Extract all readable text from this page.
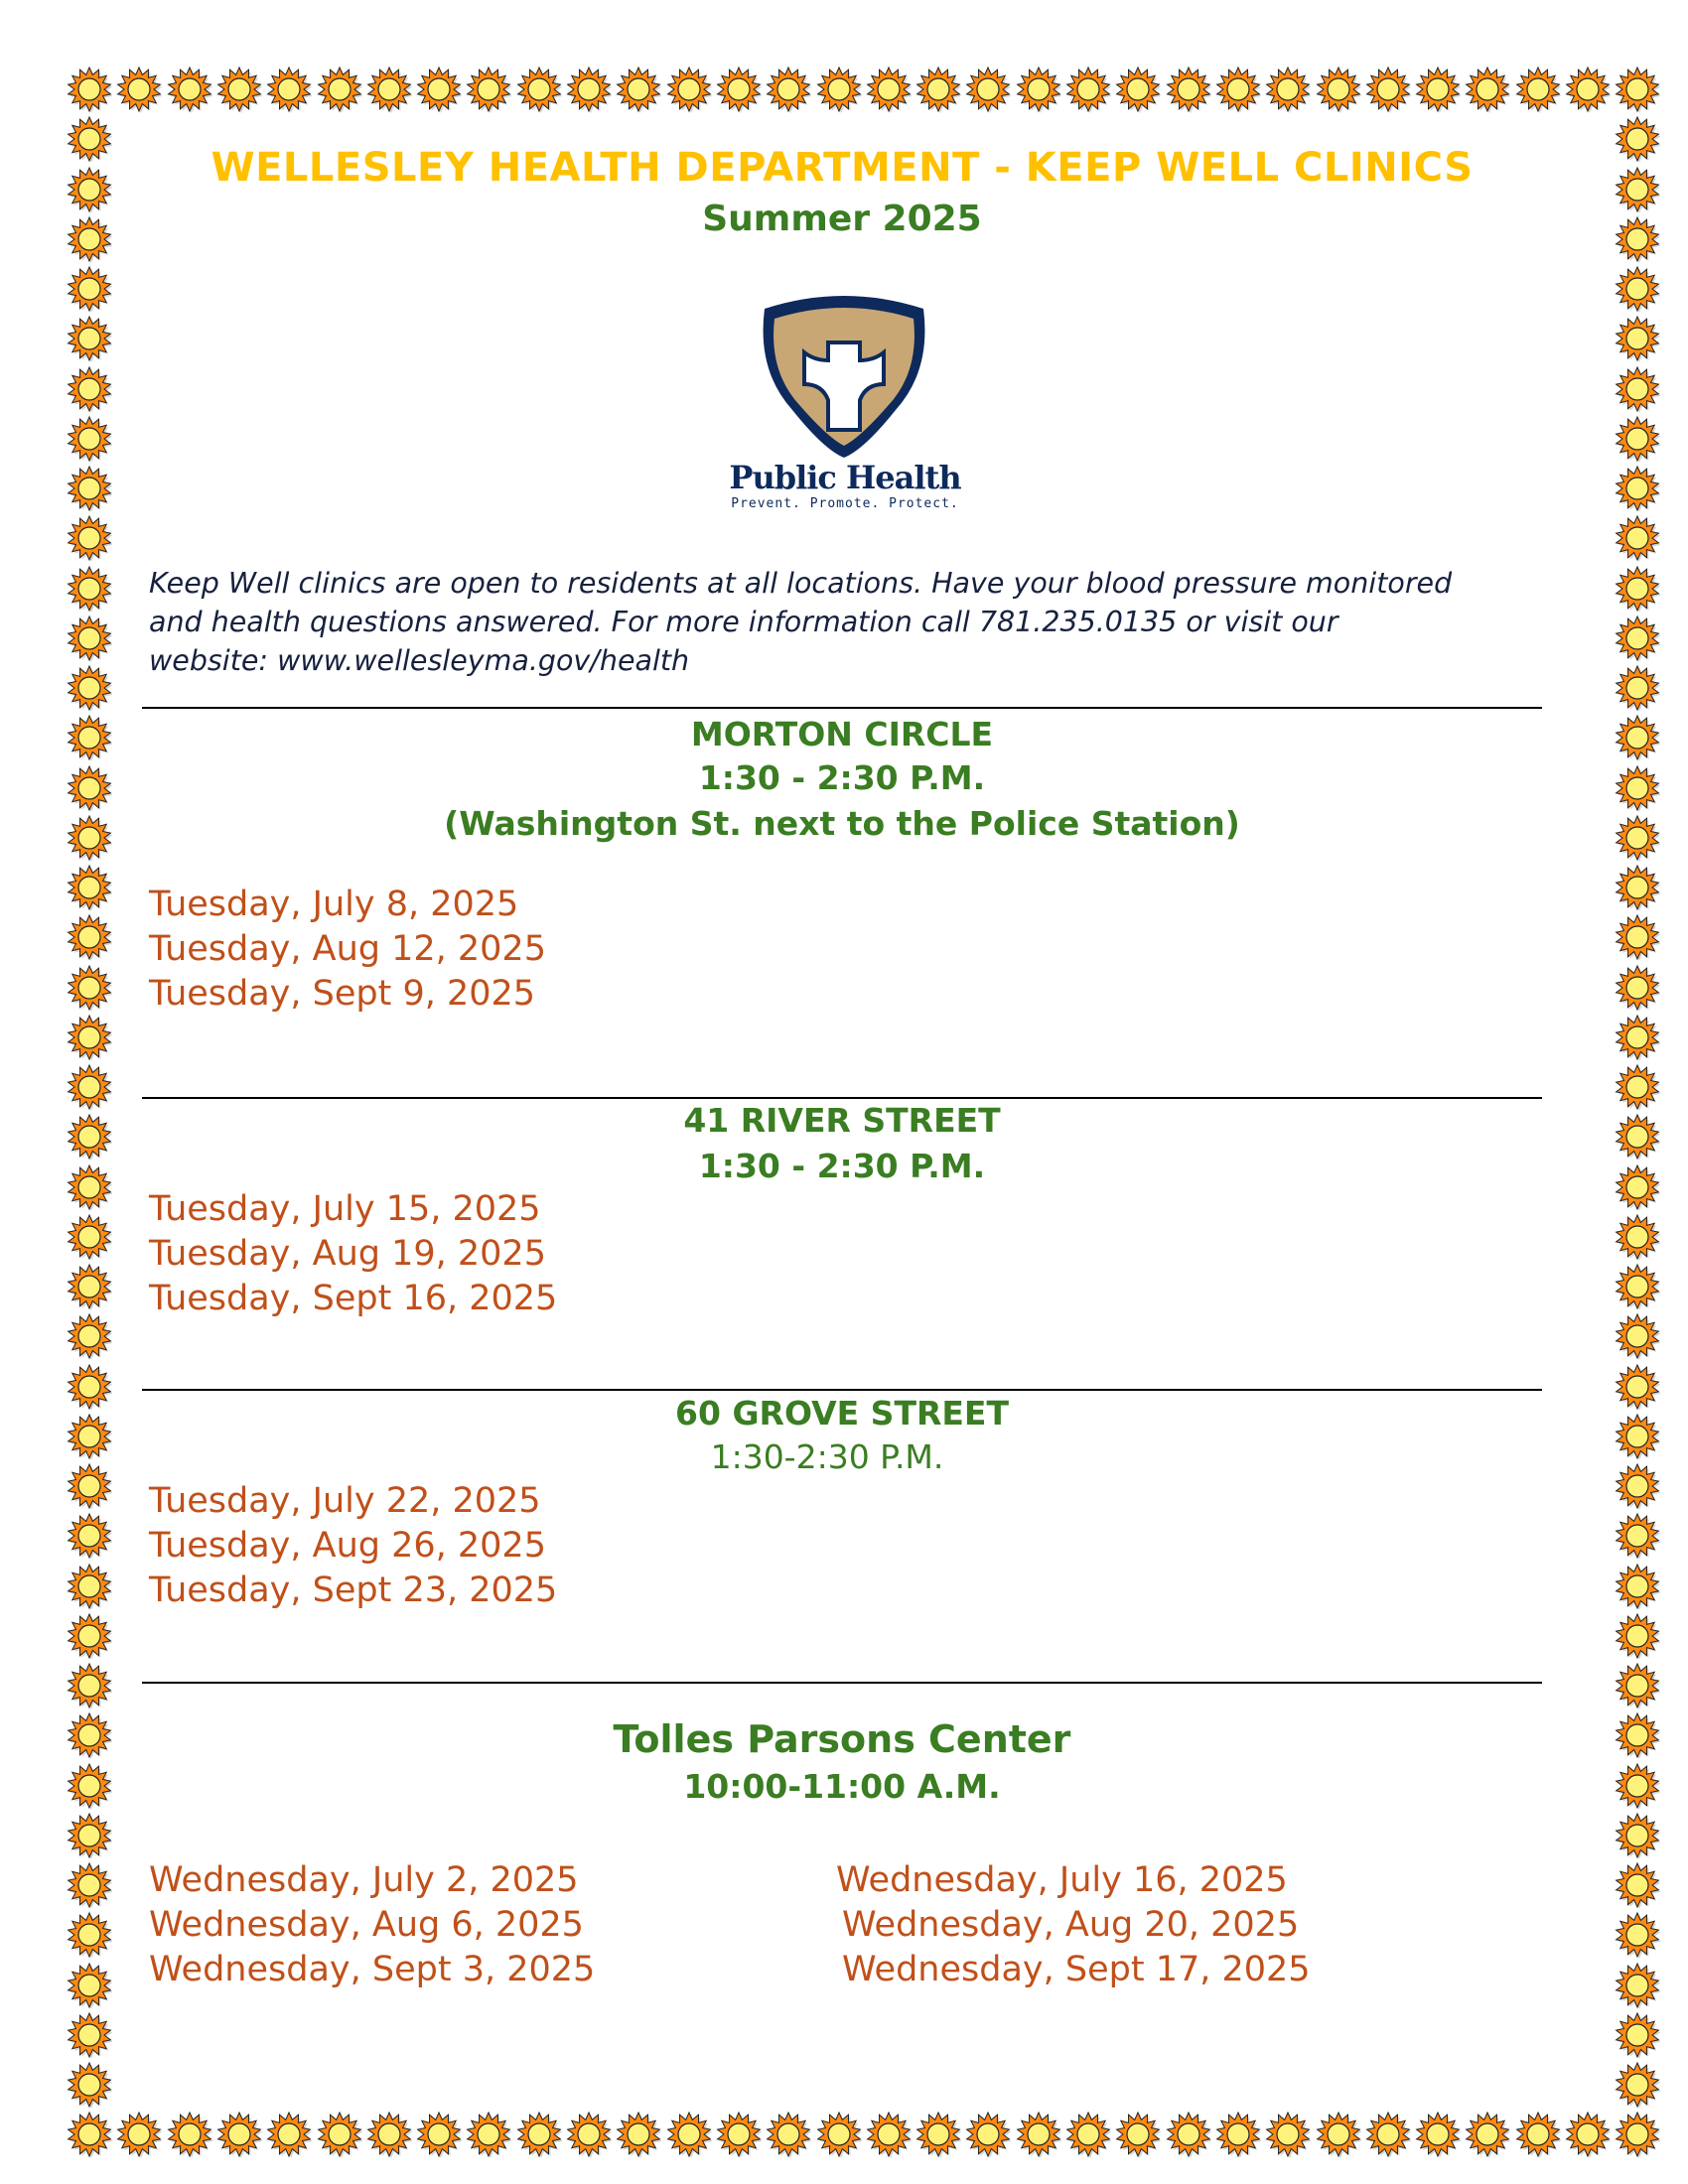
WELLESLEY HEALTH DEPARTMENT - KEEP WELL CLINICS
Summer 2025
Public Health
Prevent. Promote. Protect.
Keep Well clinics are open to residents at all locations. Have your blood pressure monitored
and health questions answered. For more information call 781.235.0135 or visit our
website: www.wellesleyma.gov/health
MORTON CIRCLE
1:30 - 2:30 P.M.
(Washington St. next to the Police Station)
Tuesday, July 8, 2025
Tuesday, Aug 12, 2025
Tuesday, Sept 9, 2025
41 RIVER STREET
1:30 - 2:30 P.M.
Tuesday, July 15, 2025
Tuesday, Aug 19, 2025
Tuesday, Sept 16, 2025
60 GROVE STREET
1:30-2:30 P.M.
Tuesday, July 22, 2025
Tuesday, Aug 26, 2025
Tuesday, Sept 23, 2025
Tolles Parsons Center
10:00-11:00 A.M.
Wednesday, July 2, 2025
Wednesday, Aug 6, 2025
Wednesday, Sept 3, 2025
Wednesday, July 16, 2025
Wednesday, Aug 20, 2025
Wednesday, Sept 17, 2025
